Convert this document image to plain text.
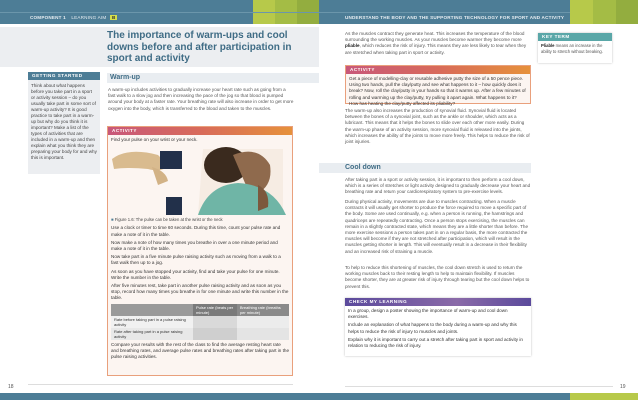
COMPONENT 1 LEARNING AIM B	UNDERSTAND THE BODY AND THE SUPPORTING TECHNOLOGY FOR SPORT AND ACTIVITY
The importance of warm-ups and cool downs before and after participation in sport and activity
GETTING STARTED
Think about what happens before you take part in a sport or activity session – do you usually take part in some sort of warm-up activity? It is good practice to take part in a warm-up but why do you think it is important? Make a list of the types of activities that are included in a warm-up and then explain what you think they are preparing your body for and why this is important.
Warm-up
A warm-up includes activities to gradually increase your heart rate such as going from a fast walk to a slow jog and then increasing the pace of the jog so that blood is pumped around your body at a faster rate. Your breathing rate will also increase in order to get more oxygen into the body, which is transferred to the blood and taken to the muscles.
ACTIVITY
Find your pulse on your wrist or your neck.
■ Figure 1.6: The pulse can be taken at the wrist or the neck
Use a clock or timer to time 60 seconds. During this time, count your pulse rate and make a note of it in the table.
Now make a note of how many times you breathe in over a one minute period and make a note of it in the table.
Now take part in a five minute pulse raising activity such as moving from a walk to a fast walk then up to a jog.
As soon as you have stopped your activity, find and take your pulse for one minute. Write the number in the table.
After five minutes rest, take part in another pulse raising activity and as soon as you stop, record how many times you breathe in for one minute and write this number in the table.
	Pulse rate (beats per minute)	Breathing rate (breaths per minute)
Rate before taking part in a pulse raising activity		
Rate after taking part in a pulse raising activity		
Compare your results with the rest of the class to find the average resting heart rate and breathing rates, and average pulse rates and breathing rates after taking part in the pulse raising activities.
18
As the muscles contract they generate heat. This increases the temperature of the blood surrounding the working muscles. As your muscles become warmer they become more pliable, which reduces the risk of injury. This means they are less likely to tear when they are stretched when taking part in sport or activity.
KEY TERM
Pliable means an increase in the ability to stretch without breaking.
ACTIVITY
Get a piece of modelling-clay or reusable adhesive putty the size of a 50 pence piece. Using two hands, pull the clay/putty and see what happens to it – how quickly does it break? Now, roll the clay/putty in your hands so that it warms up. After a few minutes of rolling and warming up the clay/putty, try pulling it apart again. What happens to it? How has heating the clay/putty affected its pliability?
The warm-up also increases the production of synovial fluid. Synovial fluid is located between the bones of a synovial joint, such as the ankle or shoulder, which acts as a lubricant. This means that it helps the bones to slide over each other more easily. During the warm-up phase of an activity session, more synovial fluid is released into the joints, which increases the ability of the joints to move more freely. This helps to reduce the risk of joint injuries.
Cool down
After taking part in a sport or activity session, it is important to then perform a cool down, which is a series of stretches or light activity designed to gradually decrease your heart and breathing rate and return your cardiorespiratory system to pre-exercise levels.
During physical activity, movements are due to muscles contracting. When a muscle contracts it will usually get shorter to produce the force required to move a specific part of the body. Some are used continually, e.g. when a person is running, the hamstrings and quadriceps are repeatedly contracting. Once a person stops exercising, the muscles can remain in a slightly contracted state, which means they are a little shorter than before. The more exercise sessions a person takes part in on a regular basis, the more contracted the muscles will become if they are not stretched after participation, which will result in the muscles getting shorter in length. This will eventually result in a decrease in their flexibility and an increased risk of straining a muscle.
To help to reduce this shortening of muscles, the cool down stretch is used to return the working muscles back to their resting length to help to maintain flexibility. If muscles become shorter, they are at greater risk of injury through tearing but the cool down helps to prevent this.
CHECK MY LEARNING
In a group, design a poster showing the importance of warm-up and cool down exercises.
Include an explanation of what happens to the body during a warm-up and why this helps to reduce the risk of injury to muscles and joints.
Explain why it is important to carry out a stretch after taking part in sport and activity in relation to reducing the risk of injury.
19
